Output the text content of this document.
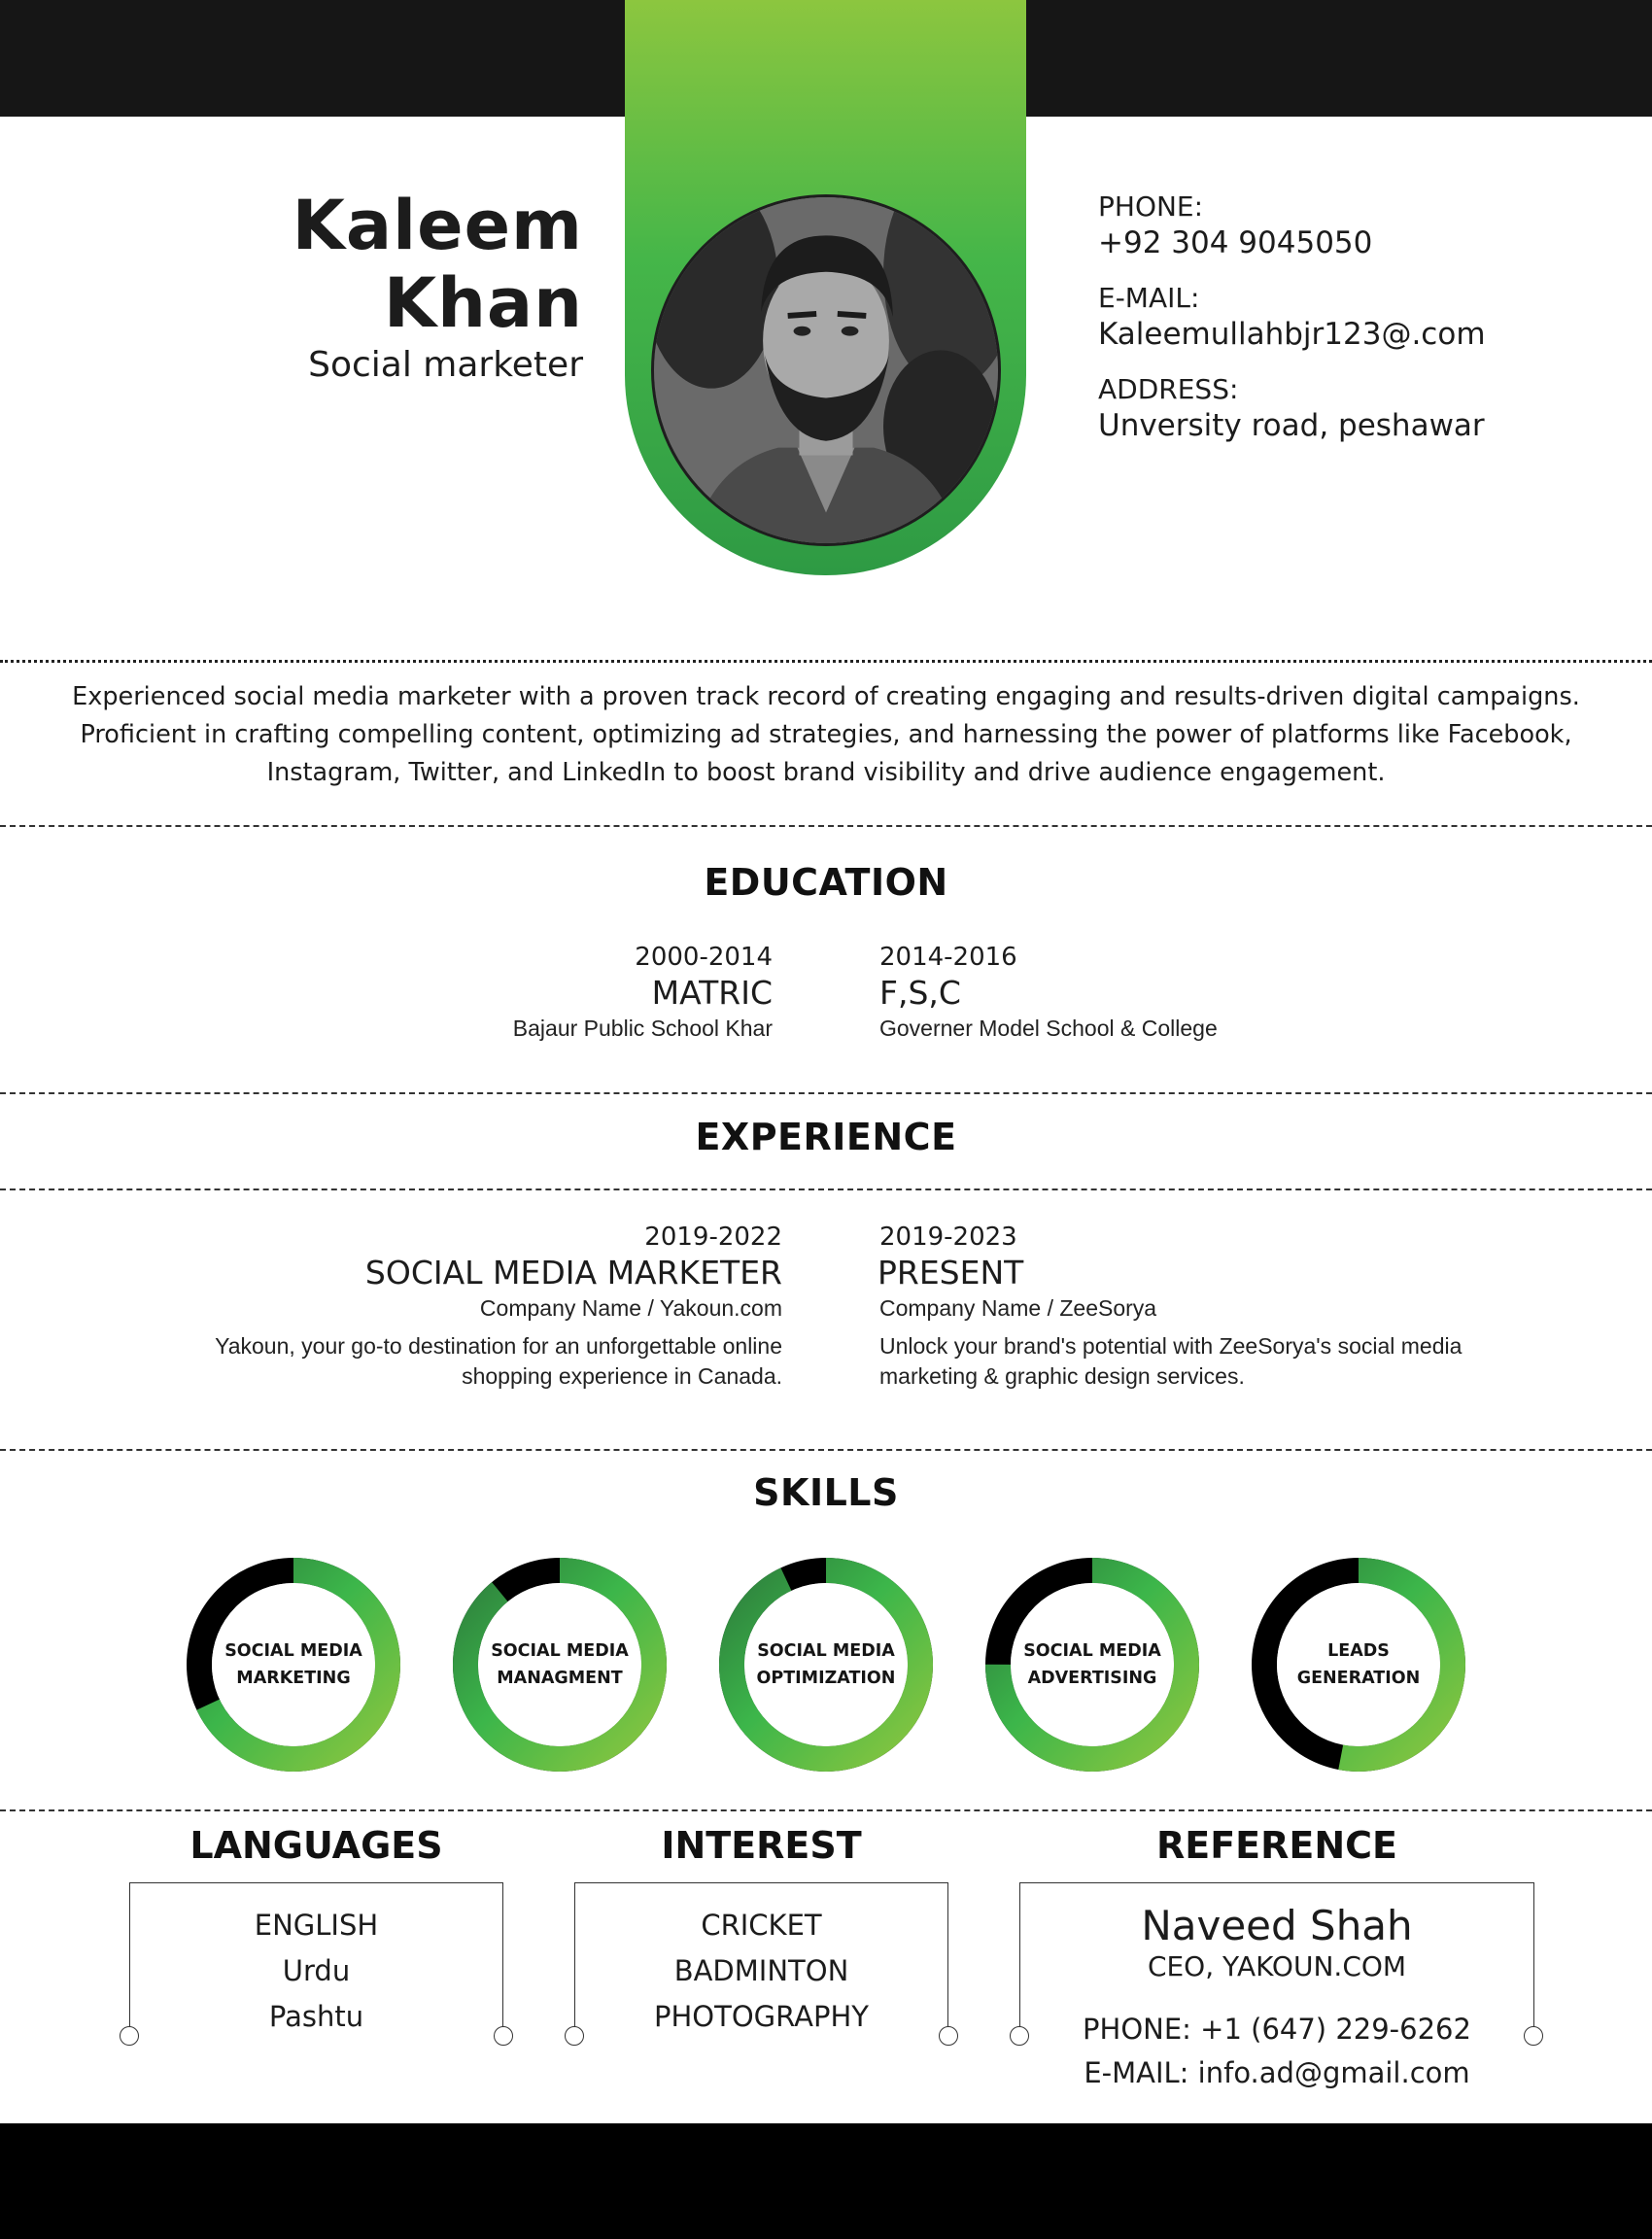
Kaleem
Khan
Social marketer
PHONE:
+92 304 9045050
E-MAIL:
Kaleemullahbjr123@.com
ADDRESS:
Unversity road, peshawar
Experienced social media marketer with a proven track record of creating engaging and results-driven digital campaigns.
Proficient in crafting compelling content, optimizing ad strategies, and harnessing the power of platforms like Facebook,
Instagram, Twitter, and LinkedIn to boost brand visibility and drive audience engagement.
EDUCATION
2000-2014
MATRIC
Bajaur Public School Khar
2014-2016
F,S,C
Governer Model School & College
EXPERIENCE
2019-2022
SOCIAL MEDIA MARKETER
Company Name / Yakoun.com
Yakoun, your go-to destination for an unforgettable online
shopping experience in Canada.
2019-2023
PRESENT
Company Name / ZeeSorya
Unlock your brand's potential with ZeeSorya's social media
marketing & graphic design services.
SKILLS
SOCIAL MEDIA
MARKETING
SOCIAL MEDIA
MANAGMENT
SOCIAL MEDIA
OPTIMIZATION
SOCIAL MEDIA
ADVERTISING
LEADS
GENERATION
LANGUAGES
ENGLISH
Urdu
Pashtu
INTEREST
CRICKET
BADMINTON
PHOTOGRAPHY
REFERENCE
Naveed Shah
CEO, YAKOUN.COM
PHONE: +1 (647) 229-6262
E-MAIL: info.ad@gmail.com
